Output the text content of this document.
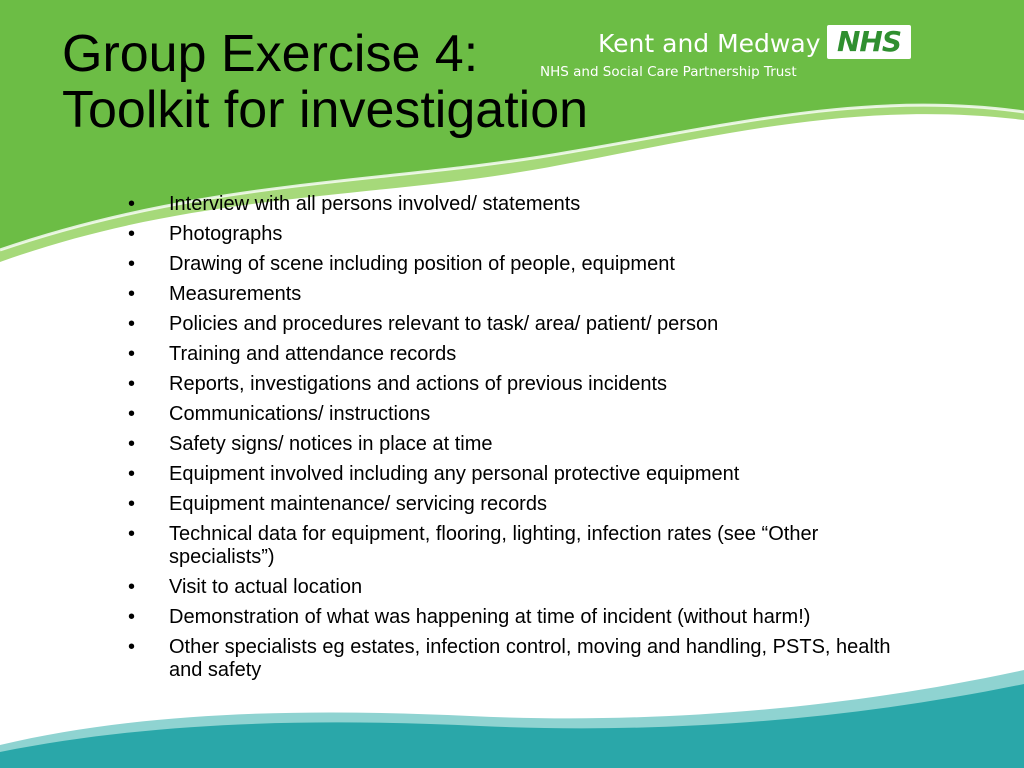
Kent and Medway
NHS and Social Care Partnership Trust
NHS
Group Exercise 4:
Toolkit for investigation
• Interview with all persons involved/ statements
• Photographs
• Drawing of scene including position of people, equipment
• Measurements
• Policies and procedures relevant to task/ area/ patient/ person
• Training and attendance records
• Reports, investigations and actions of previous incidents
• Communications/ instructions
• Safety signs/ notices in place at time
• Equipment involved including any personal protective equipment
• Equipment maintenance/ servicing records
• Technical data for equipment, flooring, lighting, infection rates (see “Other specialists”)
• Visit to actual location
• Demonstration of what was happening at time of incident (without harm!)
• Other specialists eg estates, infection control, moving and handling, PSTS, health and safety
